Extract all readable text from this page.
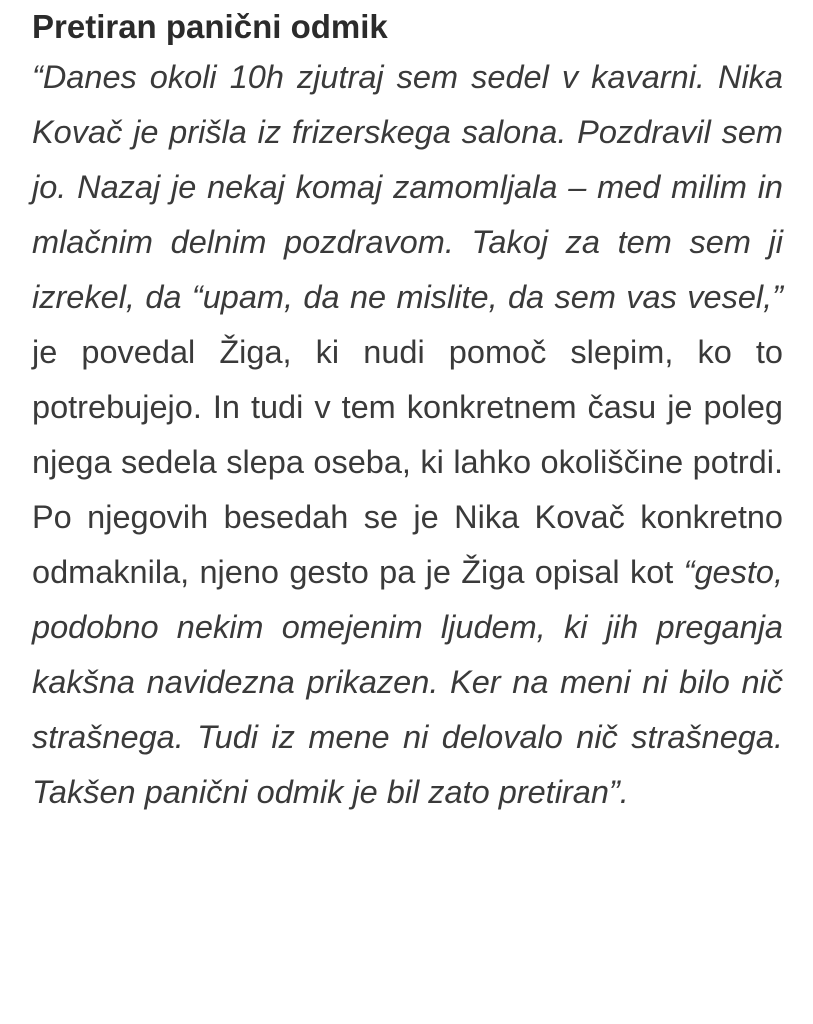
Pretiran panični odmik

“Danes okoli 10h zjutraj sem sedel v kavarni. Nika Kovač je prišla iz frizerskega salona. Pozdravil sem jo. Nazaj je nekaj komaj zamomljala – med milim in mlačnim delnim pozdravom. Takoj za tem sem ji izrekel, da “upam, da ne mislite, da sem vas vesel,” je povedal Žiga, ki nudi pomoč slepim, ko to potrebujejo. In tudi v tem konkretnem času je poleg njega sedela slepa oseba, ki lahko okoliščine potrdi. Po njegovih besedah se je Nika Kovač konkretno odmaknila, njeno gesto pa je Žiga opisal kot “gesto, podobno nekim omejenim ljudem, ki jih preganja kakšna navidezna prikazen. Ker na meni ni bilo nič strašnega. Tudi iz mene ni delovalo nič strašnega. Takšen panični odmik je bil zato pretiran”.
